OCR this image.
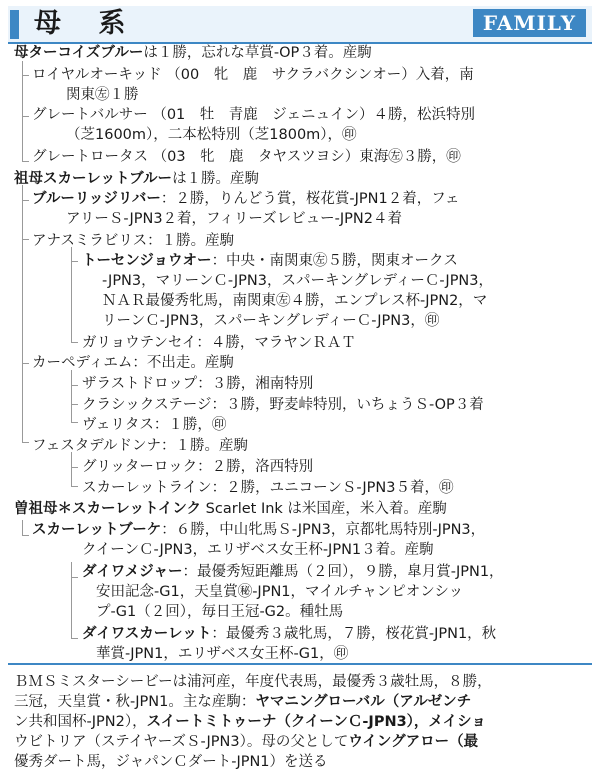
母 系	FAMILY
母ターコイズブルーは１勝，忘れな草賞-OP３着。産駒
ロイヤルオーキッド （00　牝　鹿　サクラバクシンオー）入着，南
関東㊧１勝
グレートバルサー （01　牡　青鹿　ジェニュイン）４勝，松浜特別
（芝1600m），二本松特別（芝1800m），㊞
グレートロータス （03　牝　鹿　タヤスツヨシ）東海㊧３勝，㊞
祖母スカーレットブルーは１勝。産駒
ブルーリッジリバー：２勝，りんどう賞，桜花賞-JPN1２着，フェ
アリーＳ-JPN3２着，フィリーズレビュー-JPN2４着
アナスミラビリス：１勝。産駒
トーセンジョウオー：中央・南関東㊧５勝，関東オークス
-JPN3，マリーンＣ-JPN3，スパーキングレディーＣ-JPN3，
ＮＡＲ最優秀牝馬，南関東㊧４勝，エンプレス杯-JPN2，マ
リーンＣ-JPN3，スパーキングレディーＣ-JPN3，㊞
ガリョウテンセイ：４勝，マラヤンＲＡＴ
カーペディエム：不出走。産駒
ザラストドロップ：３勝，湘南特別
クラシックステージ：３勝，野麦峠特別，いちょうＳ-OP３着
ヴェリタス：１勝，㊞
フェスタデルドンナ：１勝。産駒
グリッターロック：２勝，洛西特別
スカーレットライン：２勝，ユニコーンＳ-JPN3５着，㊞
曽祖母＊スカーレットインク Scarlet Ink は米国産，米入着。産駒
スカーレットブーケ：６勝，中山牝馬Ｓ-JPN3，京都牝馬特別-JPN3，
クイーンＣ-JPN3，エリザベス女王杯-JPN1３着。産駒
ダイワメジャー：最優秀短距離馬（２回），９勝，皐月賞-JPN1，
安田記念-G1，天皇賞㊙-JPN1，マイルチャンピオンシッ
プ-G1（２回），毎日王冠-G2。種牡馬
ダイワスカーレット：最優秀３歳牝馬，７勝，桜花賞-JPN1，秋
華賞-JPN1，エリザベス女王杯-G1，㊞
ＢＭＳミスターシービーは浦河産，年度代表馬，最優秀３歳牡馬，８勝，
三冠，天皇賞・秋-JPN1。主な産駒：ヤマニングローバル（アルゼンチ
ン共和国杯-JPN2），スイートミトゥーナ（クイーンＣ-JPN3），メイショ
ウビトリア（ステイヤーズＳ-JPN3）。母の父としてウイングアロー（最
優秀ダート馬，ジャパンＣダート-JPN1）を送る
